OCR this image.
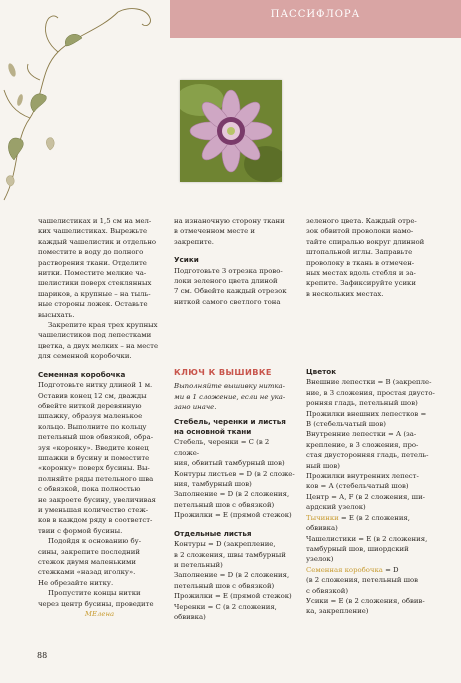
ПАССИФЛОРА

чашелистиках и 1,5 см на мел-

ких чашелистиках. Вырежьте

каждый чашелистик и отдельно

поместите в воду до полного

растворения ткани. Отделите

нитки. Поместите мелкие ча-

шелистики поверх стеклянных

шариков, а крупные – на тыль-

ные стороны ложек. Оставьте

высыхать.

Закрепите края трех крупных

чашелистиков под лепестками

цветка, а двух мелких – на месте

для семенной коробочки.

Семенная коробочка

Подготовьте нитку длиной 1 м.

Оставив конец 12 см, дважды

обвейте ниткой деревянную

шпажку, образуя маленькое

кольцо. Выполните по кольцу

петельный шов обвязкой, обра-

зуя «коронку». Введите конец

шпажки в бусину и поместите

«коронку» поверх бусины. Вы-

полняйте ряды петельного шва

с обвязкой, пока полностью

не закроете бусину, увеличивая

и уменьшая количество стеж-

ков в каждом ряду в соответст-

твии с формой бусины.

Подойдя к основанию бу-

сины, закрепите последний

стежок двумя маленькими

стежками «назад иголку».

Не обрезайте нитку.

Пропустите концы нитки

через центр бусины, проведите

MЕлена

на изнаночную сторону ткани

в отмеченном месте и закрепите.

Усики

Подготовьте 3 отрезка прово-

локи зеленого цвета длиной

7 см. Обвейте каждый отрезок

ниткой самого светлого тона

зеленого цвета. Каждый отре-

зок обвитой проволоки намо-

тайте спиралью вокруг длинной

штопальной иглы. Заправьте

проволоку в ткань в отмечен-

ных местах вдоль стебля и за-

крепите. Зафиксируйте усики

в нескольких местах.

КЛЮЧ К ВЫШИВКЕ

Выполняйте вышивку нитка-

ми в 1 сложение, если не ука-

зано иначе.

Стебель, черенки и листья

на основной ткани

Стебель, черенки = С (в 2 сложе-

ния, обвитый тамбурный шов)

Контуры листьев = D (в 2 сложе-

ния, тамбурный шов)

Заполнение = D (в 2 сложения,

петельный шов с обвязкой)

Прожилки = Е (прямой стежок)

Отдельные листья

Контуры = D (закрепление,

в 2 сложения, швы тамбурный

и петельный)

Заполнение = D (в 2 сложения,

петельный шов с обвязкой)

Прожилки = Е (прямой стежок)

Черенки = С (в 2 сложения,

обвивка)

Цветок

Внешние лепестки = В (закрепле-

ние, в 3 сложения, простая двусто-

ронняя гладь, петельный шов)

Прожилки внешних лепестков =

В (стебельчатый шов)

Внутренние лепестки = А (за-

крепление, в 3 сложения, про-

стая двусторонняя гладь, петель-

ный шов)

Прожилки внутренних лепест-

ков = А (стебельчатый шов)

Центр = А, F (в 2 сложения, ши-

ардский узелок)

Тычинки = Е (в 2 сложения,

обвивка)

Чашелистики = Е (в 2 сложения,

тамбурный шов, шиордский

узелок)

Семенная коробочка = D

(в 2 сложения, петельный шов

с обвязкой)

Усики = Е (в 2 сложения, обвив-

ка, закрепление)

88
